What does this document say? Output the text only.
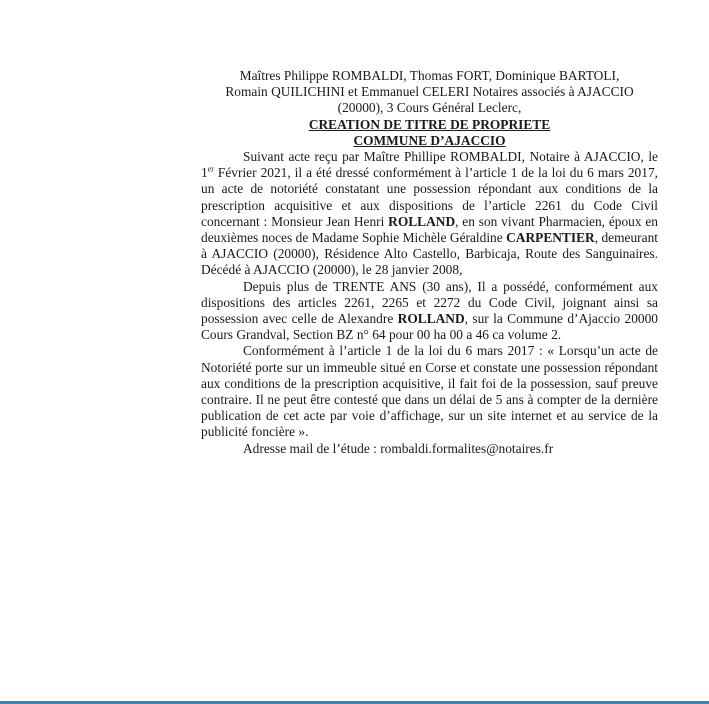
Maîtres Philippe ROMBALDI, Thomas FORT, Dominique BARTOLI,
Romain QUILICHINI et Emmanuel CELERI Notaires associés à AJACCIO
(20000), 3 Cours Général Leclerc,

CREATION DE TITRE DE PROPRIETE
COMMUNE D’AJACCIO

Suivant acte reçu par Maître Phillipe ROMBALDI, Notaire à AJACCIO, le 1er Février 2021, il a été dressé conformément à l’article 1 de la loi du 6 mars 2017, un acte de notoriété constatant une possession répondant aux conditions de la prescription acquisitive et aux dispositions de l’article 2261 du Code Civil concernant : Monsieur Jean Henri ROLLAND, en son vivant Pharmacien, époux en deuxièmes noces de Madame Sophie Michèle Géraldine CARPENTIER, demeurant à AJACCIO (20000), Résidence Alto Castello, Barbicaja, Route des Sanguinaires. Décédé à AJACCIO (20000), le 28 janvier 2008,

Depuis plus de TRENTE ANS (30 ans), Il a possédé, conformément aux dispositions des articles 2261, 2265 et 2272 du Code Civil, joignant ainsi sa possession avec celle de Alexandre ROLLAND, sur la Commune d’Ajaccio 20000 Cours Grandval, Section BZ n° 64 pour 00 ha 00 a 46 ca volume 2.

Conformément à l’article 1 de la loi du 6 mars 2017 : « Lorsqu’un acte de Notoriété porte sur un immeuble situé en Corse et constate une possession répondant aux conditions de la prescription acquisitive, il fait foi de la possession, sauf preuve contraire. Il ne peut être contesté que dans un délai de 5 ans à compter de la dernière publication de cet acte par voie d’affichage, sur un site internet et au service de la publicité foncière ».

Adresse mail de l’étude : rombaldi.formalites@notaires.fr
